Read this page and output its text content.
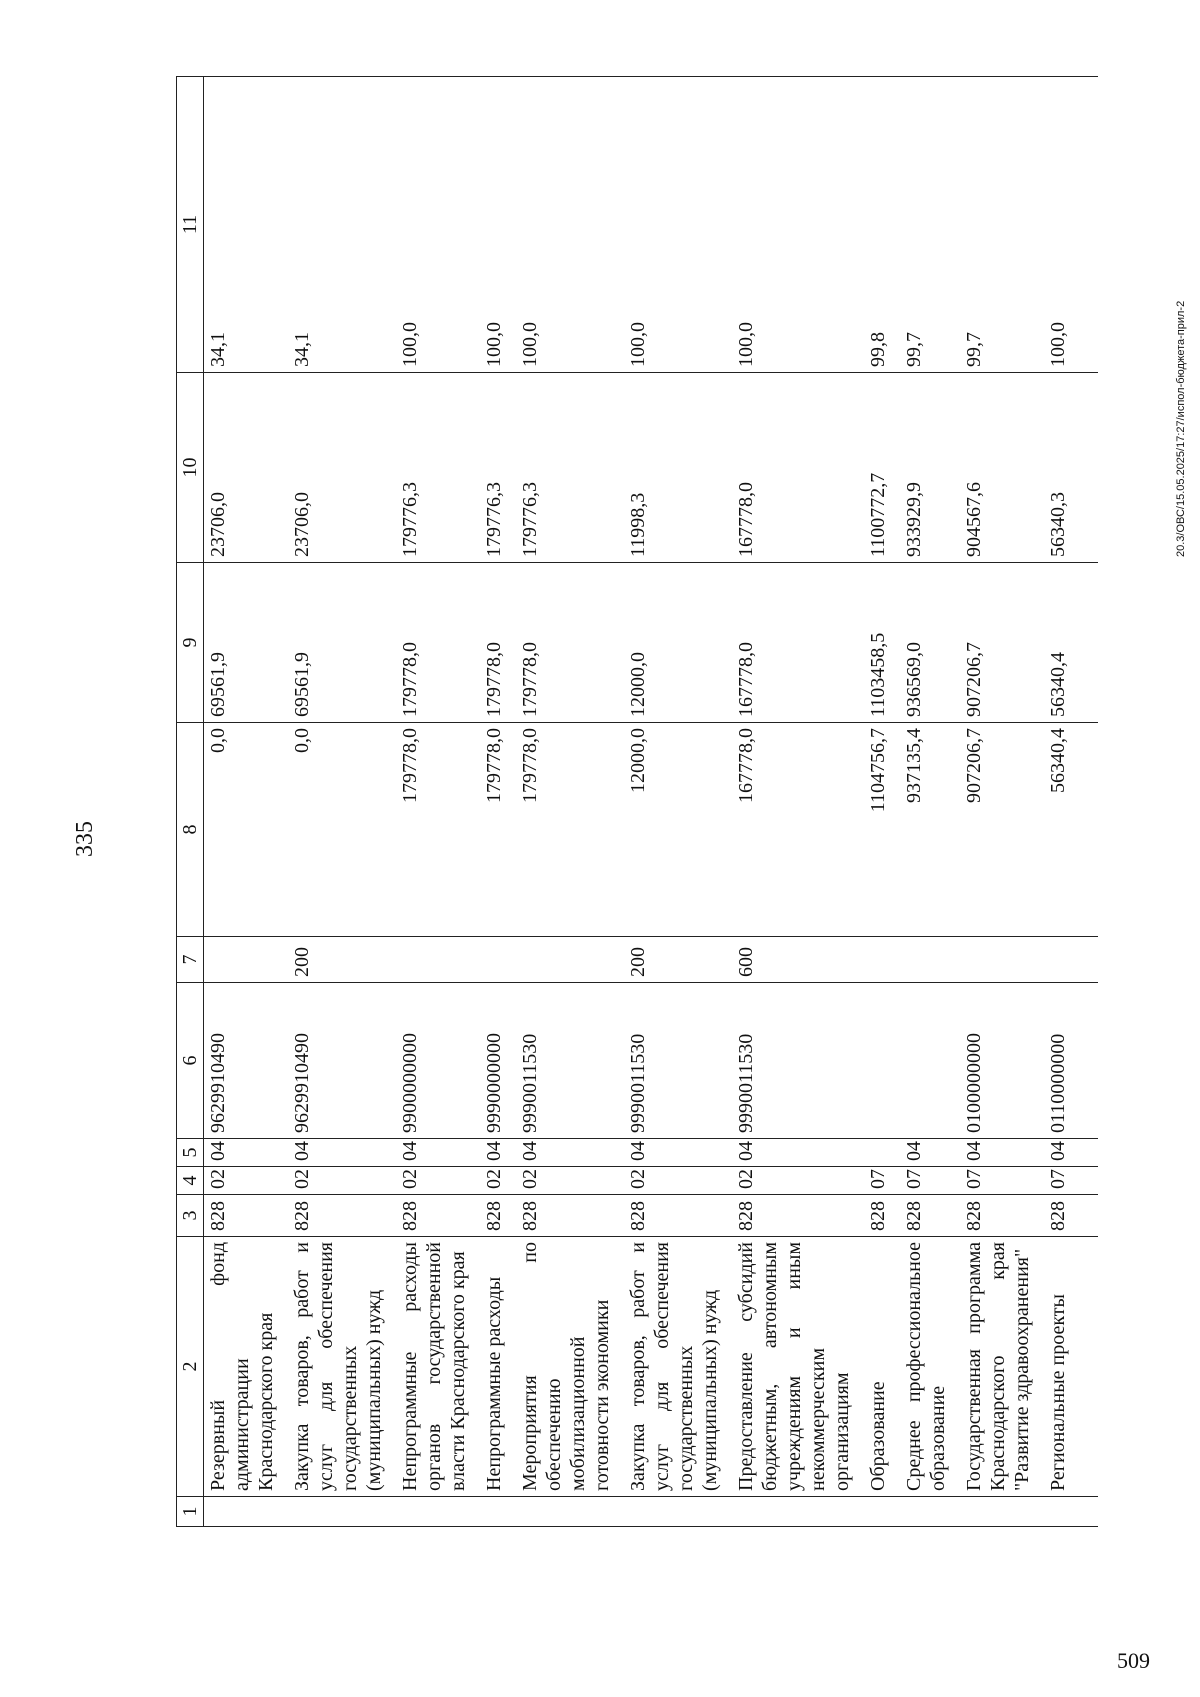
509
335
1	2	3	4	5	6	7	8	9	10	11
	Резервный фонд администрации Краснодарского края	828	02	04	9629910490		0,0	69561,9	23706,0	34,1
	Закупка товаров, работ и услуг для обеспечения государственных (муниципальных) нужд	828	02	04	9629910490	200	0,0	69561,9	23706,0	34,1
	Непрограммные расходы органов государственной власти Краснодарского края	828	02	04	9900000000		179778,0	179778,0	179776,3	100,0
	Непрограммные расходы	828	02	04	9990000000		179778,0	179778,0	179776,3	100,0
	Мероприятия по обеспечению мобилизационной готовности экономики	828	02	04	9990011530		179778,0	179778,0	179776,3	100,0
	Закупка товаров, работ и услуг для обеспечения государственных (муниципальных) нужд	828	02	04	9990011530	200	12000,0	12000,0	11998,3	100,0
	Предоставление субсидий бюджетным, автономным учреждениям и иным некоммерческим организациям	828	02	04	9990011530	600	167778,0	167778,0	167778,0	100,0
	Образование	828	07				1104756,7	1103458,5	1100772,7	99,8
	Среднее профессиональное образование	828	07	04			937135,4	936569,0	933929,9	99,7
	Государственная программа Краснодарского края "Развитие здравоохранения"	828	07	04	0100000000		907206,7	907206,7	904567,6	99,7
	Региональные проекты	828	07	04	0110000000		56340,4	56340,4	56340,3	100,0	20.3/ОВС/15.05.2025/17:27/испол-бюджета-прил-2
